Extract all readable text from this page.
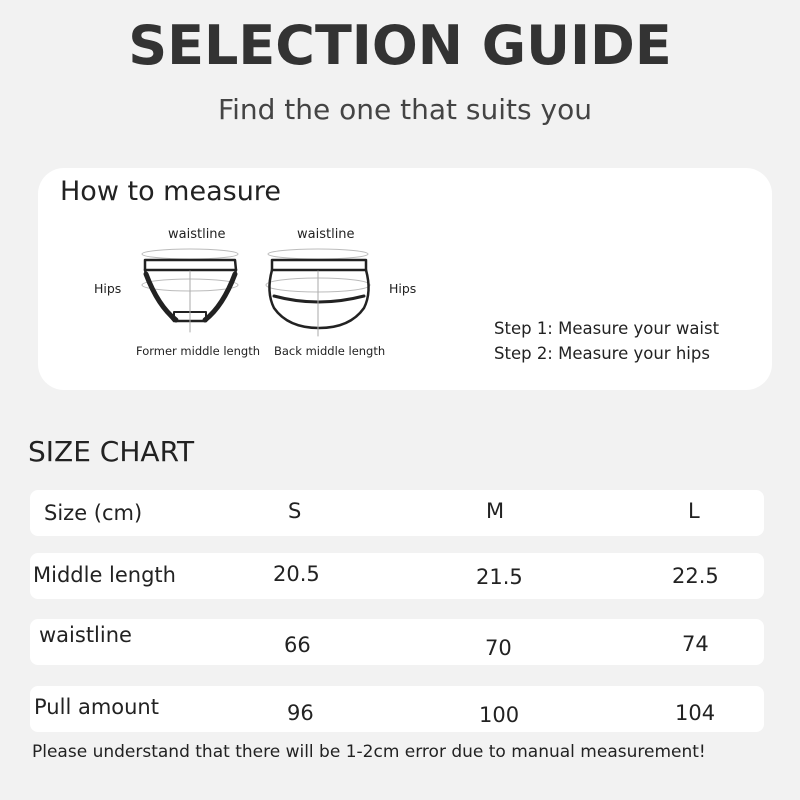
SELECTION GUIDE
Find the one that suits you
How to measure
waistline
Hips
Former middle length
waistline
Hips
Back middle length
Step 1: Measure your waist
Step 2: Measure your hips
SIZE CHART
Size (cm)	S	M	L
Middle length	20.5	21.5	22.5
waistline	66	70	74
Pull amount	96	100	104
Please understand that there will be 1-2cm error due to manual measurement!
